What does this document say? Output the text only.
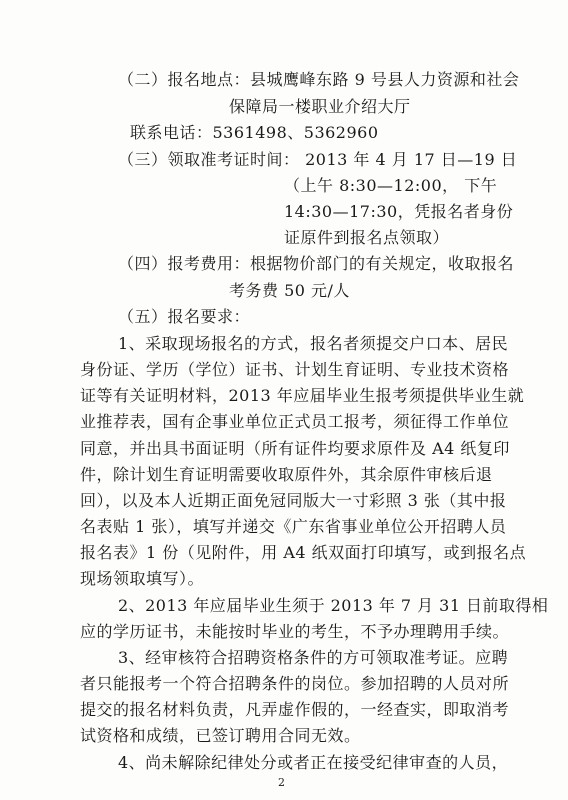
（二）报名地点：县城鹰峰东路 9 号县人力资源和社会
保障局一楼职业介绍大厅
联系电话：5361498、5362960
（三）领取准考证时间： 2013 年 4 月 17 日—19 日
（上午 8:30—12:00， 下午
14:30—17:30，凭报名者身份
证原件到报名点领取）
（四）报考费用：根据物价部门的有关规定，收取报名
考务费 50 元/人
（五）报名要求：
1、采取现场报名的方式，报名者须提交户口本、居民
身份证、学历（学位）证书、计划生育证明、专业技术资格
证等有关证明材料，2013 年应届毕业生报考须提供毕业生就
业推荐表，国有企事业单位正式员工报考，须征得工作单位
同意，并出具书面证明（所有证件均要求原件及 A4 纸复印
件，除计划生育证明需要收取原件外，其余原件审核后退
回），以及本人近期正面免冠同版大一寸彩照 3 张（其中报
名表贴 1 张），填写并递交《广东省事业单位公开招聘人员
报名表》1 份（见附件，用 A4 纸双面打印填写，或到报名点
现场领取填写）。
2、2013 年应届毕业生须于 2013 年 7 月 31 日前取得相
应的学历证书，未能按时毕业的考生，不予办理聘用手续。
3、经审核符合招聘资格条件的方可领取准考证。应聘
者只能报考一个符合招聘条件的岗位。参加招聘的人员对所
提交的报名材料负责，凡弄虚作假的，一经查实，即取消考
试资格和成绩，已签订聘用合同无效。
4、尚未解除纪律处分或者正在接受纪律审查的人员，
2
